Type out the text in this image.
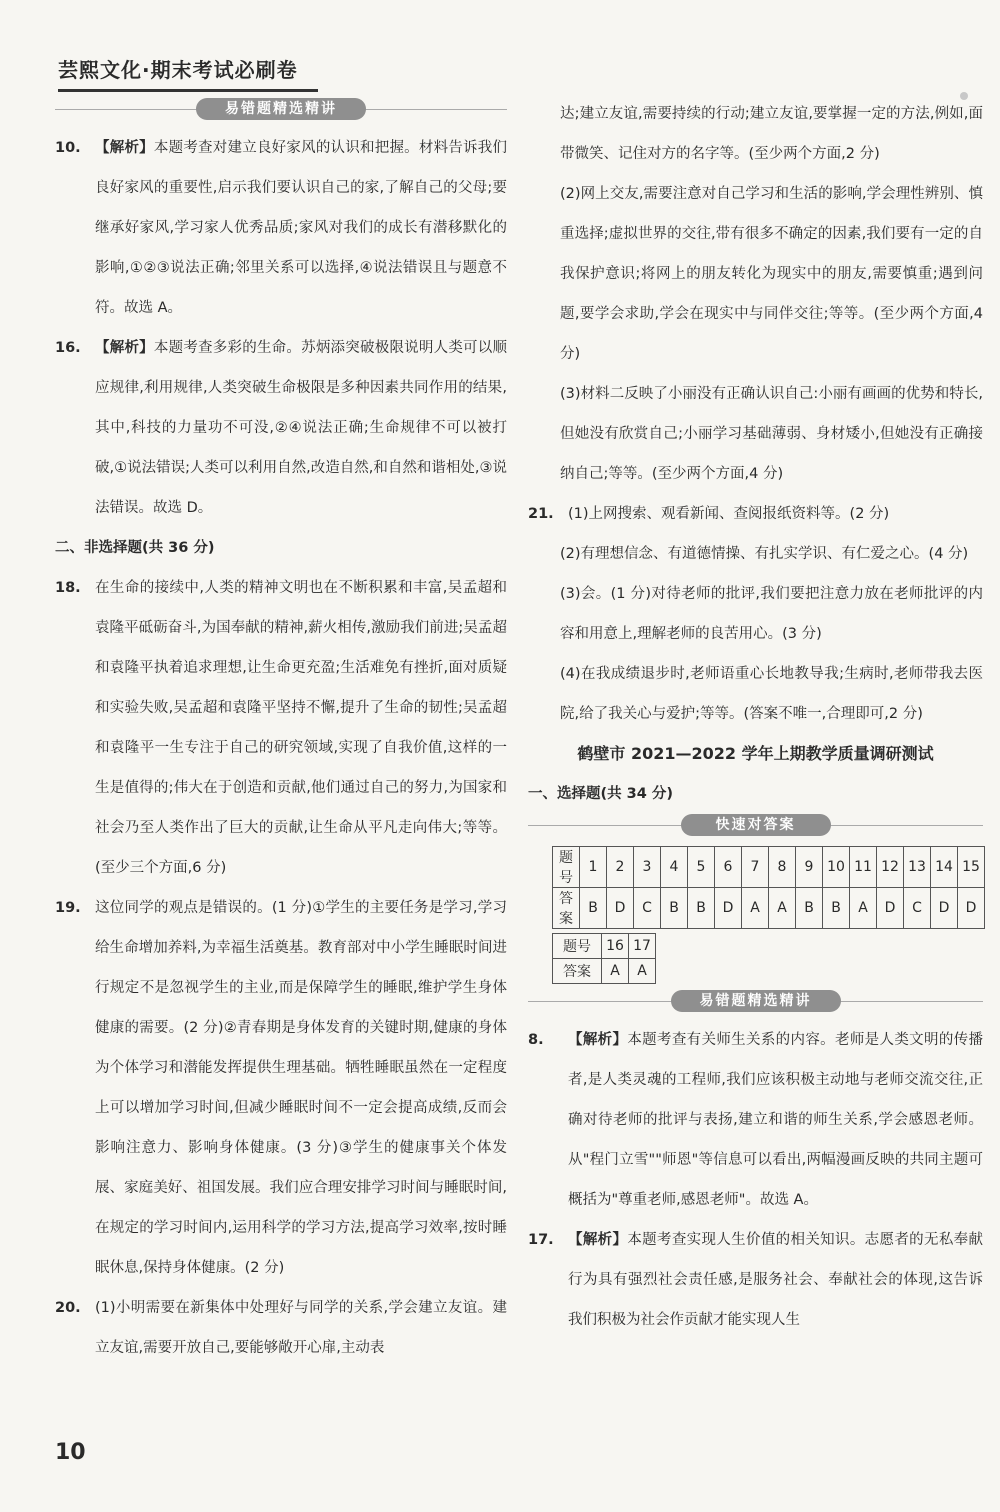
芸熙文化·期末考试必刷卷
易错题精选精讲
10. 【解析】本题考查对建立良好家风的认识和把握。材料告诉我们良好家风的重要性,启示我们要认识自己的家,了解自己的父母;要继承好家风,学习家人优秀品质;家风对我们的成长有潜移默化的影响,①②③说法正确;邻里关系可以选择,④说法错误且与题意不符。故选 A。

16. 【解析】本题考查多彩的生命。苏炳添突破极限说明人类可以顺应规律,利用规律,人类突破生命极限是多种因素共同作用的结果,其中,科技的力量功不可没,②④说法正确;生命规律不可以被打破,①说法错误;人类可以利用自然,改造自然,和自然和谐相处,③说法错误。故选 D。

二、非选择题(共 36 分)

18. 在生命的接续中,人类的精神文明也在不断积累和丰富,吴孟超和袁隆平砥砺奋斗,为国奉献的精神,薪火相传,激励我们前进;吴孟超和袁隆平执着追求理想,让生命更充盈;生活难免有挫折,面对质疑和实验失败,吴孟超和袁隆平坚持不懈,提升了生命的韧性;吴孟超和袁隆平一生专注于自己的研究领域,实现了自我价值,这样的一生是值得的;伟大在于创造和贡献,他们通过自己的努力,为国家和社会乃至人类作出了巨大的贡献,让生命从平凡走向伟大;等等。(至少三个方面,6 分)

19. 这位同学的观点是错误的。(1 分)①学生的主要任务是学习,学习给生命增加养料,为幸福生活奠基。教育部对中小学生睡眠时间进行规定不是忽视学生的主业,而是保障学生的睡眠,维护学生身体健康的需要。(2 分)②青春期是身体发育的关键时期,健康的身体为个体学习和潜能发挥提供生理基础。牺牲睡眠虽然在一定程度上可以增加学习时间,但减少睡眠时间不一定会提高成绩,反而会影响注意力、影响身体健康。(3 分)③学生的健康事关个体发展、家庭美好、祖国发展。我们应合理安排学习时间与睡眠时间,在规定的学习时间内,运用科学的学习方法,提高学习效率,按时睡眠休息,保持身体健康。(2 分)

20. (1)小明需要在新集体中处理好与同学的关系,学会建立友谊。建立友谊,需要开放自己,要能够敞开心扉,主动表

达;建立友谊,需要持续的行动;建立友谊,要掌握一定的方法,例如,面带微笑、记住对方的名字等。(至少两个方面,2 分)

(2)网上交友,需要注意对自己学习和生活的影响,学会理性辨别、慎重选择;虚拟世界的交往,带有很多不确定的因素,我们要有一定的自我保护意识;将网上的朋友转化为现实中的朋友,需要慎重;遇到问题,要学会求助,学会在现实中与同伴交往;等等。(至少两个方面,4 分)

(3)材料二反映了小丽没有正确认识自己:小丽有画画的优势和特长,但她没有欣赏自己;小丽学习基础薄弱、身材矮小,但她没有正确接纳自己;等等。(至少两个方面,4 分)

21. (1)上网搜索、观看新闻、查阅报纸资料等。(2 分)

(2)有理想信念、有道德情操、有扎实学识、有仁爱之心。(4 分)

(3)会。(1 分)对待老师的批评,我们要把注意力放在老师批评的内容和用意上,理解老师的良苦用心。(3 分)

(4)在我成绩退步时,老师语重心长地教导我;生病时,老师带我去医院,给了我关心与爱护;等等。(答案不唯一,合理即可,2 分)

鹤壁市 2021—2022 学年上期教学质量调研测试

一、选择题(共 34 分)

快速对答案
题号	1	2	3	4	5	6	7	8	9	10	11	12	13	14	15
答案	B	D	C	B	B	D	A	A	B	B	A	D	C	D	D
题号	16	17
答案	A	A
易错题精选精讲
8. 【解析】本题考查有关师生关系的内容。老师是人类文明的传播者,是人类灵魂的工程师,我们应该积极主动地与老师交流交往,正确对待老师的批评与表扬,建立和谐的师生关系,学会感恩老师。从"程门立雪""师恩"等信息可以看出,两幅漫画反映的共同主题可概括为"尊重老师,感恩老师"。故选 A。

17. 【解析】本题考查实现人生价值的相关知识。志愿者的无私奉献行为具有强烈社会责任感,是服务社会、奉献社会的体现,这告诉我们积极为社会作贡献才能实现人生

10
